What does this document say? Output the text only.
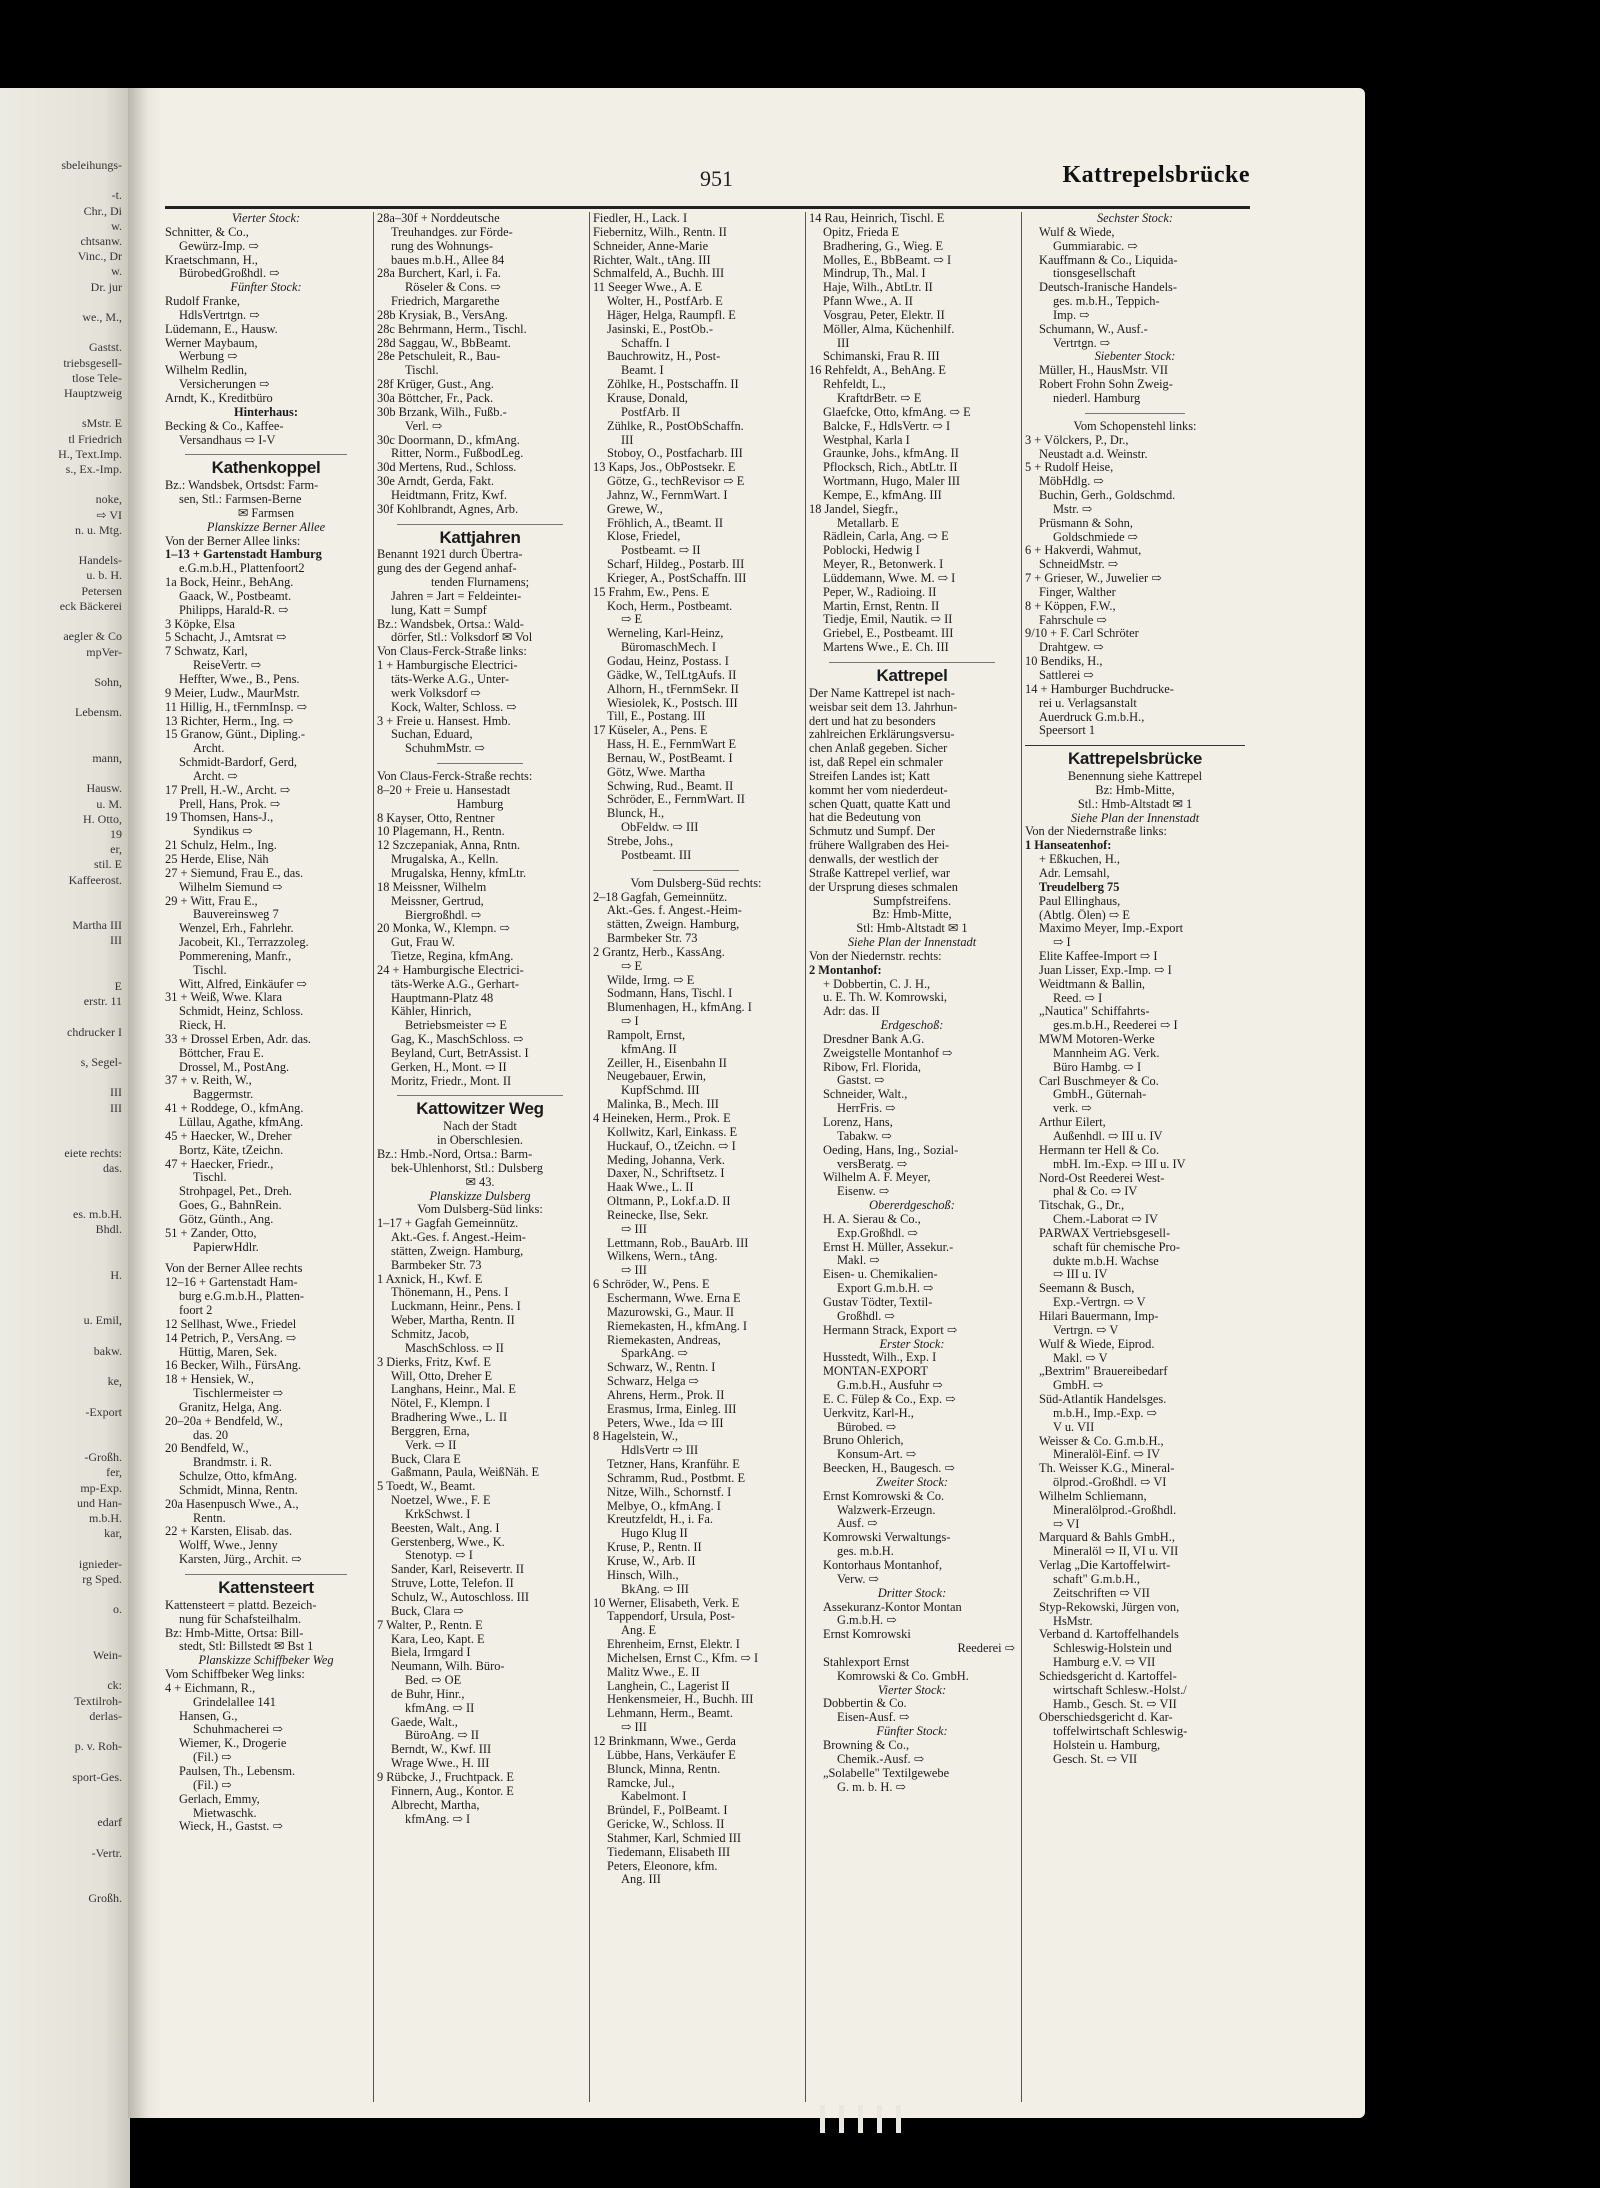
sbeleihungs-

-t.
Chr., Di
w.
chtsanw.
Vinc., Dr
w.
Dr. jur

we., M.,

Gastst.
triebsgesell-
tlose Tele-
Hauptzweig

sMstr. E
tl Friedrich
H., Text.Imp.
s., Ex.-Imp.

noke,
⇨ VI
n. u. Mtg.

Handels-
u. b. H.
Petersen
eck Bäckerei

aegler & Co
mpVer-

Sohn,

Lebensm.

mann,

Hausw.
u. M.
H. Otto,
19
er,
stil. E
Kaffeerost.

Martha III
III

E
erstr. 11

chdrucker I

s, Segel-

III
III

eiete rechts:
das.

es. m.b.H.
Bhdl.

H.

u. Emil,

bakw.

ke,

-Export

-Großh.
fer,
mp-Exp.
und Han-
m.b.H.
kar,

ignieder-
rg Sped.

o.

Wein-

ck:
Textilroh-
derlas-

p. v. Roh-

sport-Ges.

edarf

-Vertr.

Großh.
951	Kattrepelsbrücke
Vierter Stock:
Schnitter, & Co.,
Gewürz-Imp. ⇨
Kraetschmann, H.,
BürobedGroßhdl. ⇨
Fünfter Stock:
Rudolf Franke,
HdlsVertrtgn. ⇨
Lüdemann, E., Hausw.
Werner Maybaum,
Werbung ⇨
Wilhelm Redlin,
Versicherungen ⇨
Arndt, K., Kreditbüro
Hinterhaus:
Becking & Co., Kaffee-
Versandhaus ⇨ I-V
Kathenkoppel
Bz.: Wandsbek, Ortsdst: Farm-
sen, Stl.: Farmsen-Berne
✉ Farmsen
Planskizze Berner Allee
Von der Berner Allee links:
1–13 + Gartenstadt Hamburg
e.G.m.b.H., Plattenfoort2
1a Bock, Heinr., BehAng.
Gaack, W., Postbeamt.
Philipps, Harald-R. ⇨
3 Köpke, Elsa
5 Schacht, J., Amtsrat ⇨
7 Schwatz, Karl,
ReiseVertr. ⇨
Heffter, Wwe., B., Pens.
9 Meier, Ludw., MaurMstr.
11 Hillig, H., tFernmInsp. ⇨
13 Richter, Herm., Ing. ⇨
15 Granow, Günt., Dipling.-
Archt.
Schmidt-Bardorf, Gerd,
Archt. ⇨
17 Prell, H.-W., Archt. ⇨
Prell, Hans, Prok. ⇨
19 Thomsen, Hans-J.,
Syndikus ⇨
21 Schulz, Helm., Ing.
25 Herde, Elise, Näh
27 + Siemund, Frau E., das.
Wilhelm Siemund ⇨
29 + Witt, Frau E.,
Bauvereinsweg 7
Wenzel, Erh., Fahrlehr.
Jacobeit, Kl., Terrazzoleg.
Pommerening, Manfr.,
Tischl.
Witt, Alfred, Einkäufer ⇨
31 + Weiß, Wwe. Klara
Schmidt, Heinz, Schloss.
Rieck, H.
33 + Drossel Erben, Adr. das.
Böttcher, Frau E.
Drossel, M., PostAng.
37 + v. Reith, W.,
Baggermstr.
41 + Roddege, O., kfmAng.
Lüllau, Agathe, kfmAng.
45 + Haecker, W., Dreher
Bortz, Käte, tZeichn.
47 + Haecker, Friedr.,
Tischl.
Strohpagel, Pet., Dreh.
Goes, G., BahnRein.
Götz, Günth., Ang.
51 + Zander, Otto,
PapierwHdlr.
Von der Berner Allee rechts
12–16 + Gartenstadt Ham-
burg e.G.m.b.H., Platten-
foort 2
12 Sellhast, Wwe., Friedel
14 Petrich, P., VersAng. ⇨
Hüttig, Maren, Sek.
16 Becker, Wilh., FürsAng.
18 + Hensiek, W.,
Tischlermeister ⇨
Granitz, Helga, Ang.
20–20a + Bendfeld, W.,
das. 20
20 Bendfeld, W.,
Brandmstr. i. R.
Schulze, Otto, kfmAng.
Schmidt, Minna, Rentn.
20a Hasenpusch Wwe., A.,
Rentn.
22 + Karsten, Elisab. das.
Wolff, Wwe., Jenny
Karsten, Jürg., Archit. ⇨
Kattensteert
Kattensteert = plattd. Bezeich-
nung für Schafsteilhalm.
Bz: Hmb-Mitte, Ortsa: Bill-
stedt, Stl: Billstedt ✉ Bst 1
Planskizze Schiffbeker Weg
Vom Schiffbeker Weg links:
4 + Eichmann, R.,
Grindelallee 141
Hansen, G.,
Schuhmacherei ⇨
Wiemer, K., Drogerie
(Fil.) ⇨
Paulsen, Th., Lebensm.
(Fil.) ⇨
Gerlach, Emmy,
Mietwaschk.
Wieck, H., Gastst. ⇨
28a–30f + Norddeutsche
Treuhandges. zur Förde-
rung des Wohnungs-
baues m.b.H., Allee 84
28a Burchert, Karl, i. Fa.
Röseler & Cons. ⇨
Friedrich, Margarethe
28b Krysiak, B., VersAng.
28c Behrmann, Herm., Tischl.
28d Saggau, W., BbBeamt.
28e Petschuleit, R., Bau-
Tischl.
28f Krüger, Gust., Ang.
30a Böttcher, Fr., Pack.
30b Brzank, Wilh., Fußb.-
Verl. ⇨
30c Doormann, D., kfmAng.
Ritter, Norm., FußbodLeg.
30d Mertens, Rud., Schloss.
30e Arndt, Gerda, Fakt.
Heidtmann, Fritz, Kwf.
30f Kohlbrandt, Agnes, Arb.
Kattjahren
Benannt 1921 durch Übertra-
gung des der Gegend anhaf-
tenden Flurnamens;
Jahren = Jart = Feldeinteı-
lung, Katt = Sumpf
Bz.: Wandsbek, Ortsa.: Wald-
dörfer, Stl.: Volksdorf ✉ Vol
Von Claus-Ferck-Straße links:
1 + Hamburgische Electrici-
täts-Werke A.G., Unter-
werk Volksdorf ⇨
Kock, Walter, Schloss. ⇨
3 + Freie u. Hansest. Hmb.
Suchan, Eduard,
SchuhmMstr. ⇨
Von Claus-Ferck-Straße rechts:
8–20 + Freie u. Hansestadt
Hamburg
8 Kayser, Otto, Rentner
10 Plagemann, H., Rentn.
12 Szczepaniak, Anna, Rntn.
Mrugalska, A., Kelln.
Mrugalska, Henny, kfmLtr.
18 Meissner, Wilhelm
Meissner, Gertrud,
Biergroßhdl. ⇨
20 Monka, W., Klempn. ⇨
Gut, Frau W.
Tietze, Regina, kfmAng.
24 + Hamburgische Electrici-
täts-Werke A.G., Gerhart-
Hauptmann-Platz 48
Kähler, Hinrich,
Betriebsmeister ⇨ E
Gag, K., MaschSchloss. ⇨
Beyland, Curt, BetrAssist. I
Gerken, H., Mont. ⇨ II
Moritz, Friedr., Mont. II
Kattowitzer Weg
Nach der Stadt
in Oberschlesien.
Bz.: Hmb.-Nord, Ortsa.: Barm-
bek-Uhlenhorst, Stl.: Dulsberg
✉ 43.
Planskizze Dulsberg
Vom Dulsberg-Süd links:
1–17 + Gagfah Gemeinnütz.
Akt.-Ges. f. Angest.-Heim-
stätten, Zweign. Hamburg,
Barmbeker Str. 73
1 Axnick, H., Kwf. E
Thönemann, H., Pens. I
Luckmann, Heinr., Pens. I
Weber, Martha, Rentn. II
Schmitz, Jacob,
MaschSchloss. ⇨ II
3 Dierks, Fritz, Kwf. E
Will, Otto, Dreher E
Langhans, Heinr., Mal. E
Nötel, F., Klempn. I
Bradhering Wwe., L. II
Berggren, Erna,
Verk. ⇨ II
Buck, Clara E
Gaßmann, Paula, WeißNäh. E
5 Toedt, W., Beamt.
Noetzel, Wwe., F. E
KrkSchwst. I
Beesten, Walt., Ang. I
Gerstenberg, Wwe., K.
Stenotyp. ⇨ I
Sander, Karl, Reisevertr. II
Struve, Lotte, Telefon. II
Schulz, W., Autoschloss. III
Buck, Clara ⇨
7 Walter, P., Rentn. E
Kara, Leo, Kapt. E
Biela, Irmgard I
Neumann, Wilh. Büro-
Bed. ⇨ OE
de Buhr, Hinr.,
kfmAng. ⇨ II
Gaede, Walt.,
BüroAng. ⇨ II
Berndt, W., Kwf. III
Wrage Wwe., H. III
9 Rübcke, J., Fruchtpack. E
Finnern, Aug., Kontor. E
Albrecht, Martha,
kfmAng. ⇨ I
Fiedler, H., Lack. I
Fiebernitz, Wilh., Rentn. II
Schneider, Anne-Marie
Richter, Walt., tAng. III
Schmalfeld, A., Buchh. III
11 Seeger Wwe., A. E
Wolter, H., PostfArb. E
Häger, Helga, Raumpfl. E
Jasinski, E., PostOb.-
Schaffn. I
Bauchrowitz, H., Post-
Beamt. I
Zöhlke, H., Postschaffn. II
Krause, Donald,
PostfArb. II
Zühlke, R., PostObSchaffn.
III
Stoboy, O., Postfacharb. III
13 Kaps, Jos., ObPostsekr. E
Götze, G., techRevisor ⇨ E
Jahnz, W., FernmWart. I
Grewe, W.,
Fröhlich, A., tBeamt. II
Klose, Friedel,
Postbeamt. ⇨ II
Scharf, Hildeg., Postarb. III
Krieger, A., PostSchaffn. III
15 Frahm, Ew., Pens. E
Koch, Herm., Postbeamt.
⇨ E
Werneling, Karl-Heinz,
BüromaschMech. I
Godau, Heinz, Postass. I
Gädke, W., TelLtgAufs. II
Alhorn, H., tFernmSekr. II
Wiesiolek, K., Postsch. III
Till, E., Postang. III
17 Küseler, A., Pens. E
Hass, H. E., FernmWart E
Bernau, W., PostBeamt. I
Götz, Wwe. Martha
Schwing, Rud., Beamt. II
Schröder, E., FernmWart. II
Blunck, H.,
ObFeldw. ⇨ III
Strebe, Johs.,
Postbeamt. III
Vom Dulsberg-Süd rechts:
2–18 Gagfah, Gemeinnütz.
Akt.-Ges. f. Angest.-Heim-
stätten, Zweign. Hamburg,
Barmbeker Str. 73
2 Grantz, Herb., KassAng.
⇨ E
Wilde, Irmg. ⇨ E
Sodmann, Hans, Tischl. I
Blumenhagen, H., kfmAng. I
⇨ I
Rampolt, Ernst,
kfmAng. II
Zeiller, H., Eisenbahn II
Neugebauer, Erwin,
KupfSchmd. III
Malinka, B., Mech. III
4 Heineken, Herm., Prok. E
Kollwitz, Karl, Einkass. E
Huckauf, O., tZeichn. ⇨ I
Meding, Johanna, Verk.
Daxer, N., Schriftsetz. I
Haak Wwe., L. II
Oltmann, P., Lokf.a.D. II
Reinecke, Ilse, Sekr.
⇨ III
Lettmann, Rob., BauArb. III
Wilkens, Wern., tAng.
⇨ III
6 Schröder, W., Pens. E
Eschermann, Wwe. Erna E
Mazurowski, G., Maur. II
Riemekasten, H., kfmAng. I
Riemekasten, Andreas,
SparkAng. ⇨
Schwarz, W., Rentn. I
Schwarz, Helga ⇨
Ahrens, Herm., Prok. II
Erasmus, Irma, Einleg. III
Peters, Wwe., Ida ⇨ III
8 Hagelstein, W.,
HdlsVertr ⇨ III
Tetzner, Hans, Kranführ. E
Schramm, Rud., Postbmt. E
Nitze, Wilh., Schornstf. I
Melbye, O., kfmAng. I
Kreutzfeldt, H., i. Fa.
Hugo Klug II
Kruse, P., Rentn. II
Kruse, W., Arb. II
Hinsch, Wilh.,
BkAng. ⇨ III
10 Werner, Elisabeth, Verk. E
Tappendorf, Ursula, Post-
Ang. E
Ehrenheim, Ernst, Elektr. I
Michelsen, Ernst C., Kfm. ⇨ I
Malitz Wwe., E. II
Langhein, C., Lagerist II
Henkensmeier, H., Buchh. III
Lehmann, Herm., Beamt.
⇨ III
12 Brinkmann, Wwe., Gerda
Lübbe, Hans, Verkäufer E
Blunck, Minna, Rentn.
Ramcke, Jul.,
Kabelmont. I
Bründel, F., PolBeamt. I
Gericke, W., Schloss. II
Stahmer, Karl, Schmied III
Tiedemann, Elisabeth III
Peters, Eleonore, kfm.
Ang. III
14 Rau, Heinrich, Tischl. E
Opitz, Frieda E
Bradhering, G., Wieg. E
Molles, E., BbBeamt. ⇨ I
Mindrup, Th., Mal. I
Haje, Wilh., AbtLtr. II
Pfann Wwe., A. II
Vosgrau, Peter, Elektr. II
Möller, Alma, Küchenhilf.
III
Schimanski, Frau R. III
16 Rehfeldt, A., BehAng. E
Rehfeldt, L.,
KraftdrBetr. ⇨ E
Glaefcke, Otto, kfmAng. ⇨ E
Balcke, F., HdlsVertr. ⇨ I
Westphal, Karla I
Graunke, Johs., kfmAng. II
Pflocksch, Rich., AbtLtr. II
Wortmann, Hugo, Maler III
Kempe, E., kfmAng. III
18 Jandel, Siegfr.,
Metallarb. E
Rädlein, Carla, Ang. ⇨ E
Poblocki, Hedwig I
Meyer, R., Betonwerk. I
Lüddemann, Wwe. M. ⇨ I
Peper, W., Radioing. II
Martin, Ernst, Rentn. II
Tiedje, Emil, Nautik. ⇨ II
Griebel, E., Postbeamt. III
Martens Wwe., E. Ch. III
Kattrepel
Der Name Kattrepel ist nach-
weisbar seit dem 13. Jahrhun-
dert und hat zu besonders
zahlreichen Erklärungsversu-
chen Anlaß gegeben. Sicher
ist, daß Repel ein schmaler
Streifen Landes ist; Katt
kommt her vom niederdeut-
schen Quatt, quatte Katt und
hat die Bedeutung von
Schmutz und Sumpf. Der
frühere Wallgraben des Hei-
denwalls, der westlich der
Straße Kattrepel verlief, war
der Ursprung dieses schmalen
Sumpfstreifens.
Bz: Hmb-Mitte,
Stl: Hmb-Altstadt ✉ 1
Siehe Plan der Innenstadt
Von der Niedernstr. rechts:
2 Montanhof:
+ Dobbertin, C. J. H.,
u. E. Th. W. Komrowski,
Adr: das. II
Erdgeschoß:
Dresdner Bank A.G.
Zweigstelle Montanhof ⇨
Ribow, Frl. Florida,
Gastst. ⇨
Schneider, Walt.,
HerrFris. ⇨
Lorenz, Hans,
Tabakw. ⇨
Oeding, Hans, Ing., Sozial-
versBeratg. ⇨
Wilhelm A. F. Meyer,
Eisenw. ⇨
Obererdgeschoß:
H. A. Sierau & Co.,
Exp.Großhdl. ⇨
Ernst H. Müller, Assekur.-
Makl. ⇨
Eisen- u. Chemikalien-
Export G.m.b.H. ⇨
Gustav Tödter, Textil-
Großhdl. ⇨
Hermann Strack, Export ⇨
Erster Stock:
Husstedt, Wilh., Exp. I
MONTAN-EXPORT
G.m.b.H., Ausfuhr ⇨
E. C. Fülep & Co., Exp. ⇨
Uerkvitz, Karl-H.,
Bürobed. ⇨
Bruno Ohlerich,
Konsum-Art. ⇨
Beecken, H., Baugesch. ⇨
Zweiter Stock:
Ernst Komrowski & Co.
Walzwerk-Erzeugn.
Ausf. ⇨
Komrowski Verwaltungs-
ges. m.b.H.
Kontorhaus Montanhof,
Verw. ⇨
Dritter Stock:
Assekuranz-Kontor Montan
G.m.b.H. ⇨
Ernst Komrowski
Reederei ⇨
Stahlexport Ernst
Komrowski & Co. GmbH.
Vierter Stock:
Dobbertin & Co.
Eisen-Ausf. ⇨
Fünfter Stock:
Browning & Co.,
Chemik.-Ausf. ⇨
„Solabelle" Textilgewebe
G. m. b. H. ⇨
Sechster Stock:
Wulf & Wiede,
Gummiarabic. ⇨
Kauffmann & Co., Liquida-
tionsgesellschaft
Deutsch-Iranische Handels-
ges. m.b.H., Teppich-
Imp. ⇨
Schumann, W., Ausf.-
Vertrtgn. ⇨
Siebenter Stock:
Müller, H., HausMstr. VII
Robert Frohn Sohn Zweig-
niederl. Hamburg
Vom Schopenstehl links:
3 + Völckers, P., Dr.,
Neustadt a.d. Weinstr.
5 + Rudolf Heise,
MöbHdlg. ⇨
Buchin, Gerh., Goldschmd.
Mstr. ⇨
Prüsmann & Sohn,
Goldschmiede ⇨
6 + Hakverdi, Wahmut,
SchneidMstr. ⇨
7 + Grieser, W., Juwelier ⇨
Finger, Walther
8 + Köppen, F.W.,
Fahrschule ⇨
9/10 + F. Carl Schröter
Drahtgew. ⇨
10 Bendiks, H.,
Sattlerei ⇨
14 + Hamburger Buchdrucke-
rei u. Verlagsanstalt
Auerdruck G.m.b.H.,
Speersort 1
Kattrepelsbrücke
Benennung siehe Kattrepel
Bz: Hmb-Mitte,
Stl.: Hmb-Altstadt ✉ 1
Siehe Plan der Innenstadt
Von der Niedernstraße links:
1 Hanseatenhof:
+ Eßkuchen, H.,
Adr. Lemsahl,
Treudelberg 75
Paul Ellinghaus,
(Abtlg. Ölen) ⇨ E
Maximo Meyer, Imp.-Export
⇨ I
Elite Kaffee-Import ⇨ I
Juan Lisser, Exp.-Imp. ⇨ I
Weidtmann & Ballin,
Reed. ⇨ I
„Nautica" Schiffahrts-
ges.m.b.H., Reederei ⇨ I
MWM Motoren-Werke
Mannheim AG. Verk.
Büro Hambg. ⇨ I
Carl Buschmeyer & Co.
GmbH., Güternah-
verk. ⇨
Arthur Eilert,
Außenhdl. ⇨ III u. IV
Hermann ter Hell & Co.
mbH. Im.-Exp. ⇨ III u. IV
Nord-Ost Reederei West-
phal & Co. ⇨ IV
Titschak, G., Dr.,
Chem.-Laborat ⇨ IV
PARWAX Vertriebsgesell-
schaft für chemische Pro-
dukte m.b.H. Wachse
⇨ III u. IV
Seemann & Busch,
Exp.-Vertrgn. ⇨ V
Hilari Bauermann, Imp-
Vertrgn. ⇨ V
Wulf & Wiede, Eiprod.
Makl. ⇨ V
„Bextrim" Brauereibedarf
GmbH. ⇨
Süd-Atlantik Handelsges.
m.b.H., Imp.-Exp. ⇨
V u. VII
Weisser & Co. G.m.b.H.,
Mineralöl-Einf. ⇨ IV
Th. Weisser K.G., Mineral-
ölprod.-Großhdl. ⇨ VI
Wilhelm Schliemann,
Mineralölprod.-Großhdl.
⇨ VI
Marquard & Bahls GmbH.,
Mineralöl ⇨ II, VI u. VII
Verlag „Die Kartoffelwirt-
schaft" G.m.b.H.,
Zeitschriften ⇨ VII
Styp-Rekowski, Jürgen von,
HsMstr.
Verband d. Kartoffelhandels
Schleswig-Holstein und
Hamburg e.V. ⇨ VII
Schiedsgericht d. Kartoffel-
wirtschaft Schlesw.-Holst./
Hamb., Gesch. St. ⇨ VII
Oberschiedsgericht d. Kar-
toffelwirtschaft Schleswig-
Holstein u. Hamburg,
Gesch. St. ⇨ VII
